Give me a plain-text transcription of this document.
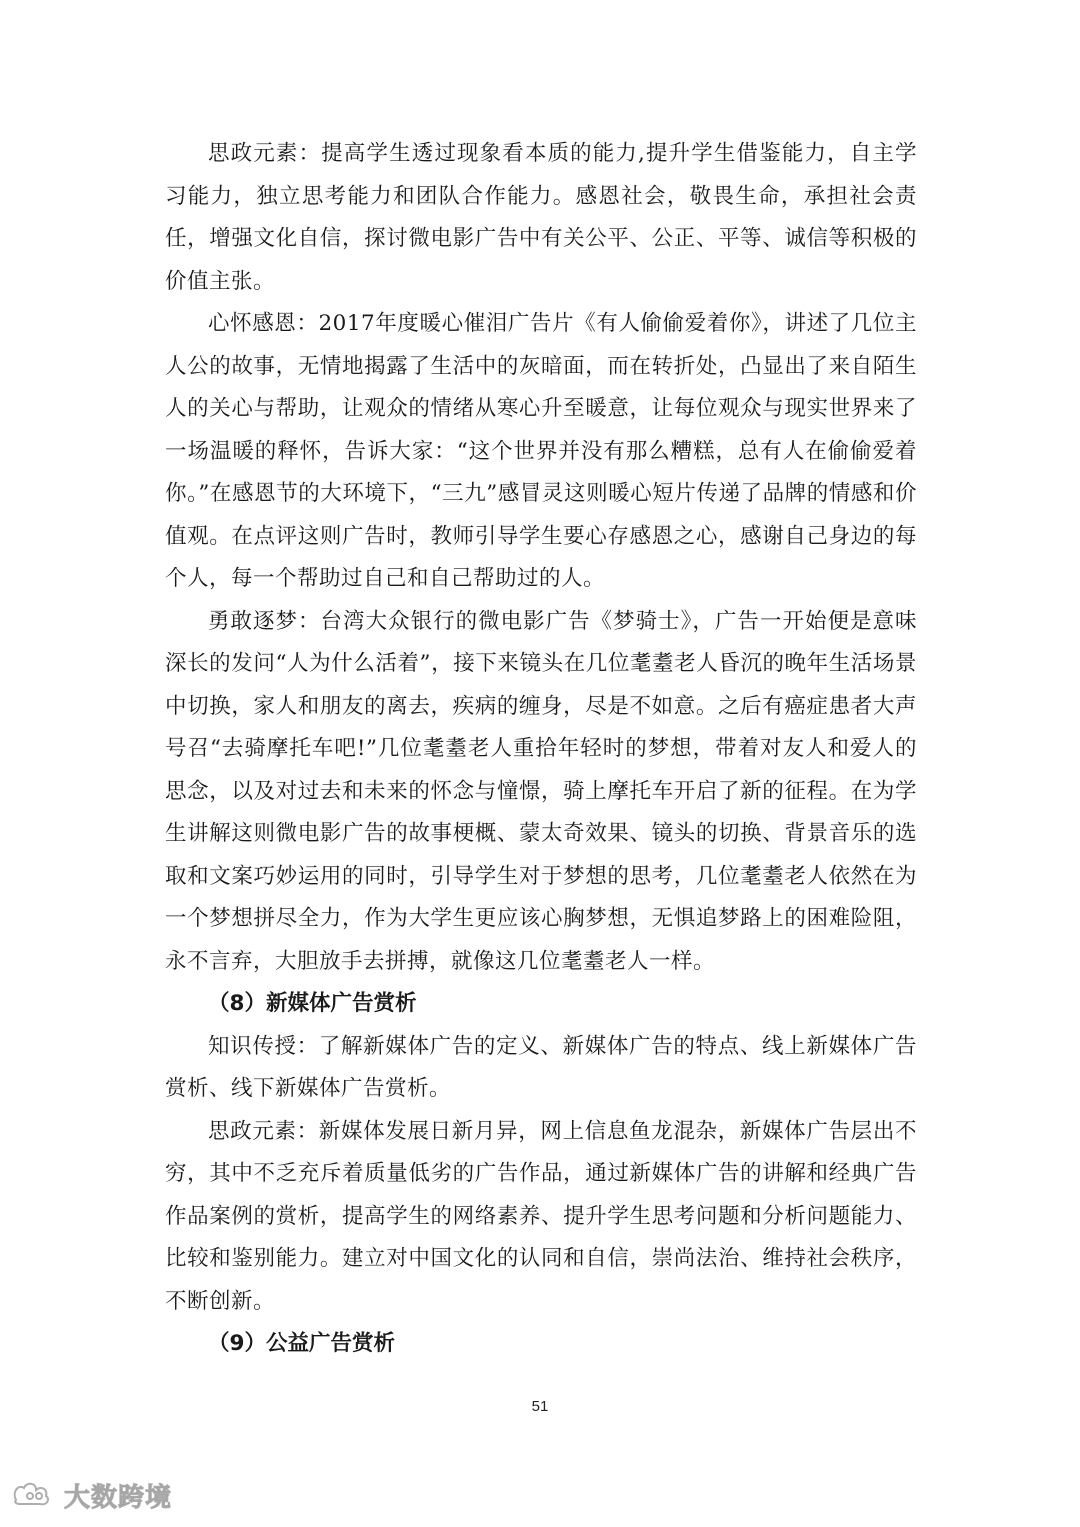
思政元素：提高学生透过现象看本质的能力,提升学生借鉴能力，自主学习能力，独立思考能力和团队合作能力。感恩社会，敬畏生命，承担社会责任，增强文化自信，探讨微电影广告中有关公平、公正、平等、诚信等积极的价值主张。

心怀感恩：2017年度暖心催泪广告片《有人偷偷爱着你》，讲述了几位主人公的故事，无情地揭露了生活中的灰暗面，而在转折处，凸显出了来自陌生人的关心与帮助，让观众的情绪从寒心升至暖意，让每位观众与现实世界来了一场温暖的释怀，告诉大家：“这个世界并没有那么糟糕，总有人在偷偷爱着你。”在感恩节的大环境下，“三九”感冒灵这则暖心短片传递了品牌的情感和价值观。在点评这则广告时，教师引导学生要心存感恩之心，感谢自己身边的每个人，每一个帮助过自己和自己帮助过的人。

勇敢逐梦：台湾大众银行的微电影广告《梦骑士》，广告一开始便是意味深长的发问“人为什么活着”，接下来镜头在几位耄耋老人昏沉的晚年生活场景中切换，家人和朋友的离去，疾病的缠身，尽是不如意。之后有癌症患者大声号召“去骑摩托车吧!”几位耄耋老人重拾年轻时的梦想，带着对友人和爱人的思念，以及对过去和未来的怀念与憧憬，骑上摩托车开启了新的征程。在为学生讲解这则微电影广告的故事梗概、蒙太奇效果、镜头的切换、背景音乐的选取和文案巧妙运用的同时，引导学生对于梦想的思考，几位耄耋老人依然在为一个梦想拼尽全力，作为大学生更应该心胸梦想，无惧追梦路上的困难险阻，永不言弃，大胆放手去拼搏，就像这几位耄耋老人一样。

（8）新媒体广告赏析

知识传授：了解新媒体广告的定义、新媒体广告的特点、线上新媒体广告赏析、线下新媒体广告赏析。

思政元素：新媒体发展日新月异，网上信息鱼龙混杂，新媒体广告层出不穷，其中不乏充斥着质量低劣的广告作品，通过新媒体广告的讲解和经典广告作品案例的赏析，提高学生的网络素养、提升学生思考问题和分析问题能力、比较和鉴别能力。建立对中国文化的认同和自信，崇尚法治、维持社会秩序，不断创新。

（9）公益广告赏析

51
大数跨境
